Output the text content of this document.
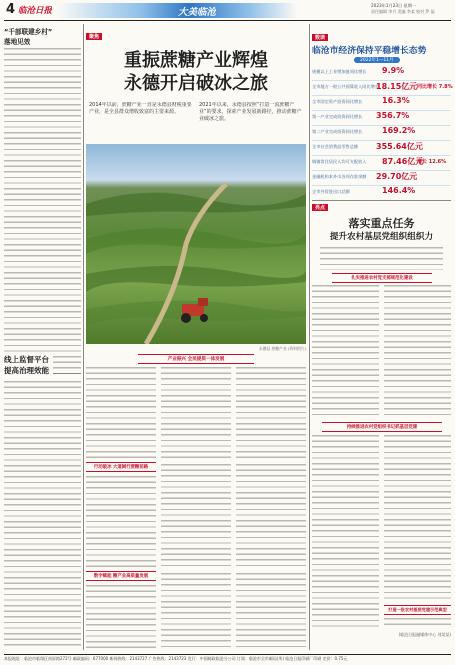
4 临沧日报	大美临沧
2023年1月23日 星期一
责任编辑 李月 美编 李某 校对 罗 晶
“千部联建乡村”
落地见效
线上监督平台
提高治理效能
聚焦
重振蔗糖产业辉煌
永德开启破冰之旅
2014年以前，蔗糖产业一直是永德县财税重要产业，是全县群众增收致富的主要来源。
2021年以来，永德县按照“打造一流蔗糖产业”的要求，探索产业发展新路径，推动蔗糖产业破冰之旅。
永德县 蔗糖产业 (资料图片)
产业振兴 全民提质一体发展
行动破冰 大道阔行蔗糖前路
数字赋能 糖产业高质量发展
数读
临沧市经济保持平稳增长态势
2022年1—11月
规模以上工业增加值同比增长 9.9%
全市地方一般公共预算收入同比增长
18.15亿元 同比增长 7.8%
全市固定资产投资同比增长 16.3%
第一产业完成投资同比增长 356.7%
第二产业完成投资同比增长 169.2%
全市社会消费品零售总额 355.64亿元
城镇常住居民人均可支配收入 87.46亿元
增长 12.6%
金融机构本外币各项存款余额 29.70亿元
全市外贸进出口总额	146.4%
亮点
落实重点任务
提升农村基层党组织组织力
扎实推进农村党支部规范化建设
持续推进农村党组织书记抓基层党建
打造一批农村基层党建示范典型
(临沧日报融媒体中心 刘某某)
本报地址：临沧市临翔区南屏路272号 邮政编码：677000 新闻热线：2143727 广告热线：2143723 发行：中国邮政临沧分公司 订阅：临沧市全市邮局(所) 临沧日报印刷厂印刷 定价：0.75元
